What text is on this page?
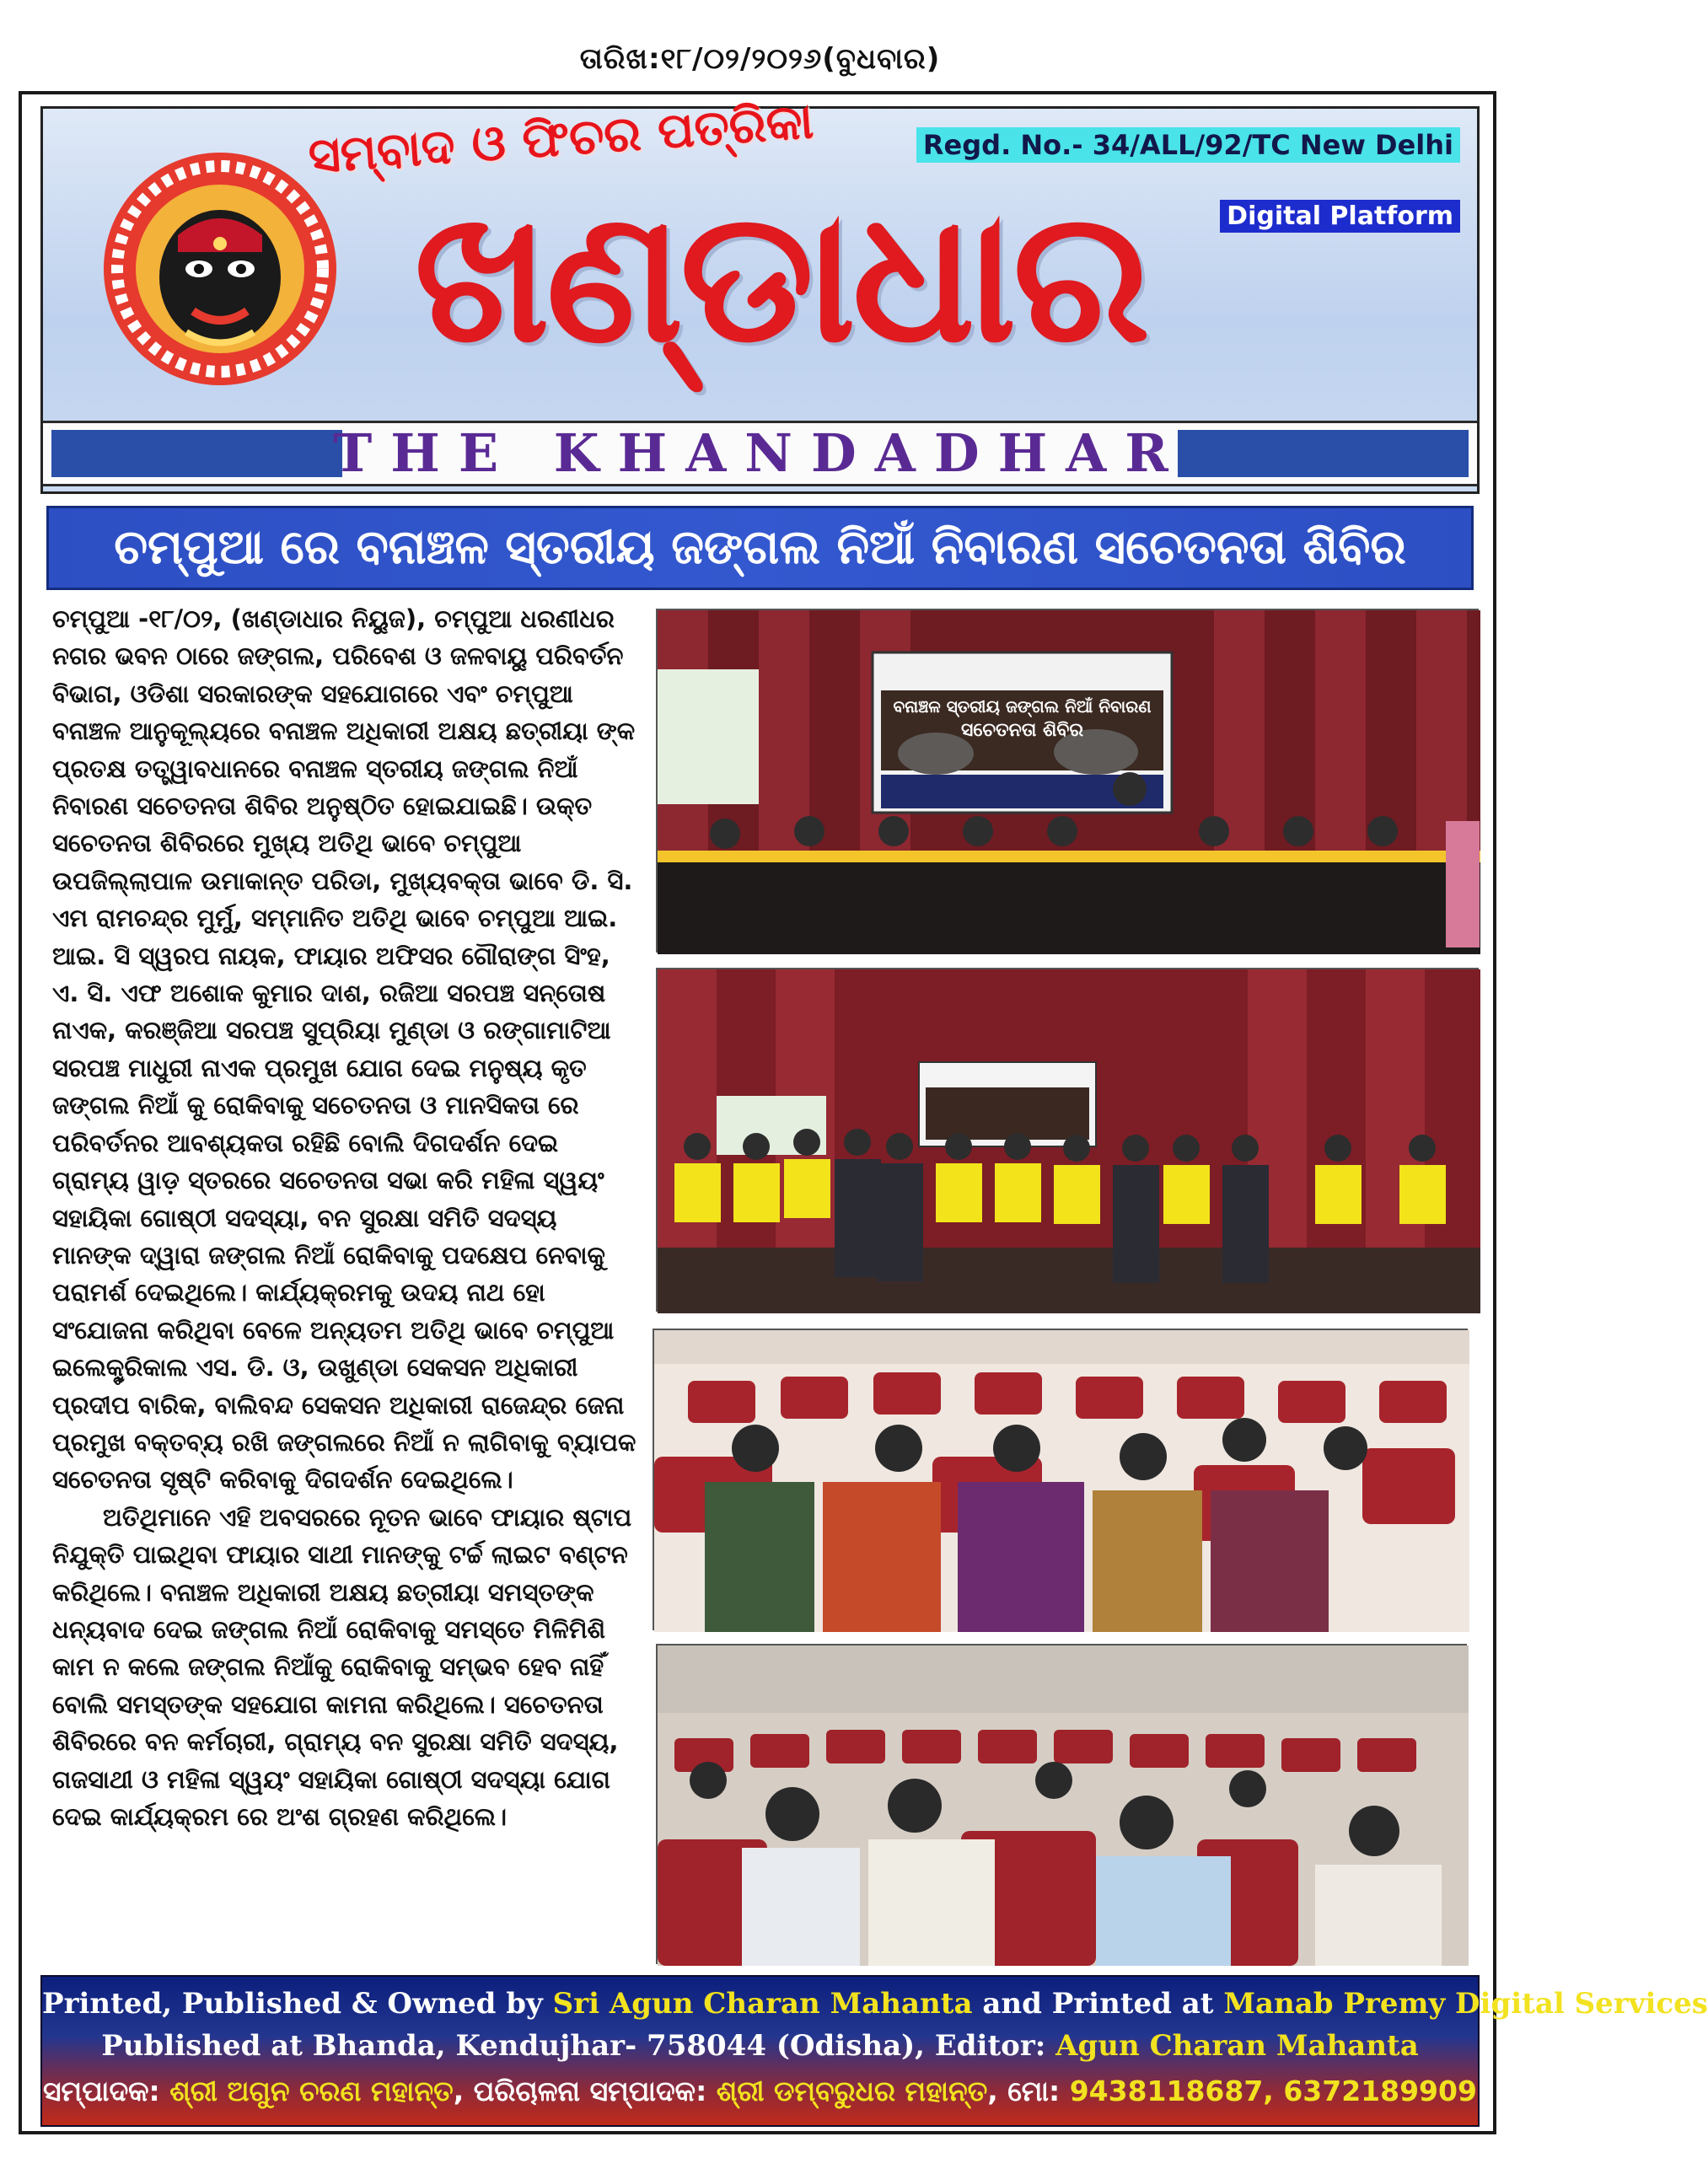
ତାରିଖ:୧୮/୦୨/୨୦୨୬(ବୁଧବାର)
ସମ୍ବାଦ ଓ ଫିଚର ପତ୍ରିକା
ଖଣ୍ଡାଧାର
Regd. No.- 34/ALL/92/TC New Delhi
Digital Platform
THE KHANDADHAR
ଚମ୍ପୁଆ ରେ ବନାଞ୍ଚଳ ସ୍ତରୀୟ ଜଙ୍ଗଲ ନିଆଁ ନିବାରଣ ସଚେତନତା ଶିବିର

ଚମ୍ପୁଆ -୧୮/୦୨, (ଖଣ୍ଡାଧାର ନିୟୁଜ), ଚମ୍ପୁଆ ଧରଣୀଧର ନଗର ଭବନ ଠାରେ ଜଙ୍ଗଲ, ପରିବେଶ ଓ ଜଳବାୟୁ ପରିବର୍ତନ ବିଭାଗ, ଓଡିଶା ସରକାରଙ୍କ ସହଯୋଗରେ ଏବଂ ଚମ୍ପୁଆ ବନାଞ୍ଚଳ ଆନୁକୂଲ୍ୟରେ ବନାଞ୍ଚଳ ଅଧିକାରୀ ଅକ୍ଷୟ ଛତ୍ରୀୟା ଙ୍କ ପ୍ରତକ୍ଷ ତତ୍ତ୍ୱାବଧାନରେ ବନାଞ୍ଚଳ ସ୍ତରୀୟ ଜଙ୍ଗଲ ନିଆଁ ନିବାରଣ ସଚେତନତା ଶିବିର ଅନୁଷ୍ଠିତ ହୋଇଯାଇଛି। ଉକ୍ତ ସଚେତନତା ଶିବିରରେ ମୁଖ୍ୟ ଅତିଥି ଭାବେ ଚମ୍ପୁଆ ଉପଜିଲ୍ଲାପାଳ ଉମାକାନ୍ତ ପରିଡା, ମୁଖ୍ୟବକ୍ତା ଭାବେ ଡି. ସି. ଏମ ରାମଚନ୍ଦ୍ର ମୁର୍ମୁ, ସମ୍ମାନିତ ଅତିଥି ଭାବେ ଚମ୍ପୁଆ ଆଇ. ଆଇ. ସି ସ୍ୱରପ ନାୟକ, ଫାୟାର ଅଫିସର ଗୌରାଙ୍ଗ ସିଂହ, ଏ. ସି. ଏଫ ଅଶୋକ କୁମାର ଦାଶ, ରଜିଆ ସରପଞ୍ଚ ସନ୍ତୋଷ ନାଏକ, କରଞ୍ଜିଆ ସରପଞ୍ଚ ସୁପ୍ରିୟା ମୁଣ୍ଡା ଓ ରଙ୍ଗାମାଟିଆ ସରପଞ୍ଚ ମାଧୁରୀ ନାଏକ ପ୍ରମୁଖ ଯୋଗ ଦେଇ ମନୁଷ୍ୟ କୃତ ଜଙ୍ଗଲ ନିଆଁ କୁ ରୋକିବାକୁ ସଚେତନତା ଓ ମାନସିକତା ରେ ପରିବର୍ତନର ଆବଶ୍ୟକତା ରହିଛି ବୋଲି ଦିଗଦର୍ଶନ ଦେଇ ଗ୍ରାମ୍ୟ ୱାଡ଼ ସ୍ତରରେ ସଚେତନତା ସଭା କରି ମହିଳା ସ୍ୱୟଂ ସହାୟିକା ଗୋଷ୍ଠୀ ସଦସ୍ୟା, ବନ ସୁରକ୍ଷା ସମିତି ସଦସ୍ୟ ମାନଙ୍କ ଦ୍ୱାରା ଜଙ୍ଗଲ ନିଆଁ ରୋକିବାକୁ ପଦକ୍ଷେପ ନେବାକୁ ପରାମର୍ଶ ଦେଇଥିଲେ। କାର୍ଯ୍ୟକ୍ରମକୁ ଉଦୟ ନାଥ ହୋ ସଂଯୋଜନା କରିଥିବା ବେଳେ ଅନ୍ୟତମ ଅତିଥି ଭାବେ ଚମ୍ପୁଆ ଇଲେକ୍ଟ୍ରିକାଲ ଏସ. ଡି. ଓ, ଉଖୁଣ୍ଡା ସେକସନ ଅଧିକାରୀ ପ୍ରଦୀପ ବାରିକ, ବାଲିବନ୍ଦ ସେକସନ ଅଧିକାରୀ ରାଜେନ୍ଦ୍ର ଜେନା ପ୍ରମୁଖ ବକ୍ତବ୍ୟ ରଖି ଜଙ୍ଗଲରେ ନିଆଁ ନ ଲାଗିବାକୁ ବ୍ୟାପକ ସଚେତନତା ସୃଷ୍ଟି କରିବାକୁ ଦିଗଦର୍ଶନ ଦେଇଥିଲେ।

ଅତିଥିମାନେ ଏହି ଅବସରରେ ନୂତନ ଭାବେ ଫାୟାର ଷ୍ଟାପ ନିଯୁକ୍ତି ପାଇଥିବା ଫାୟାର ସାଥୀ ମାନଙ୍କୁ ଟର୍ଚ୍ଚ ଲାଇଟ ବଣ୍ଟନ କରିଥିଲେ। ବନାଞ୍ଚଳ ଅଧିକାରୀ ଅକ୍ଷୟ ଛତ୍ରୀୟା ସମସ୍ତଙ୍କ ଧନ୍ୟବାଦ ଦେଇ ଜଙ୍ଗଲ ନିଆଁ ରୋକିବାକୁ ସମସ୍ତେ ମିଳିମିଶି କାମ ନ କଲେ ଜଙ୍ଗଲ ନିଆଁକୁ ରୋକିବାକୁ ସମ୍ଭବ ହେବ ନାହିଁ ବୋଲି ସମସ୍ତଙ୍କ ସହଯୋଗ କାମନା କରିଥିଲେ। ସଚେତନତା ଶିବିରରେ ବନ କର୍ମଚାରୀ, ଗ୍ରାମ୍ୟ ବନ ସୁରକ୍ଷା ସମିତି ସଦସ୍ୟ, ଗଜସାଥୀ ଓ ମହିଳା ସ୍ୱୟଂ ସହାୟିକା ଗୋଷ୍ଠୀ ସଦସ୍ୟା ଯୋଗ ଦେଇ କାର୍ଯ୍ୟକ୍ରମ ରେ ଅଂଶ ଗ୍ରହଣ କରିଥିଲେ।

ବନାଞ୍ଚଳ ସ୍ତରୀୟ ଜଙ୍ଗଲ ନିଆଁ ନିବାରଣ
ସଚେତନତା ଶିବିର
Printed, Published & Owned by Sri Agun Charan Mahanta and Printed at Manab Premy Digital Services
Published at Bhanda, Kendujhar- 758044 (Odisha), Editor: Agun Charan Mahanta
ସମ୍ପାଦକ: ଶ୍ରୀ ଅଗୁନ ଚରଣ ମହାନ୍ତ, ପରିଚାଳନା ସମ୍ପାଦକ: ଶ୍ରୀ ଡମ୍ବରୁଧର ମହାନ୍ତ, ମୋ: 9438118687, 6372189909
